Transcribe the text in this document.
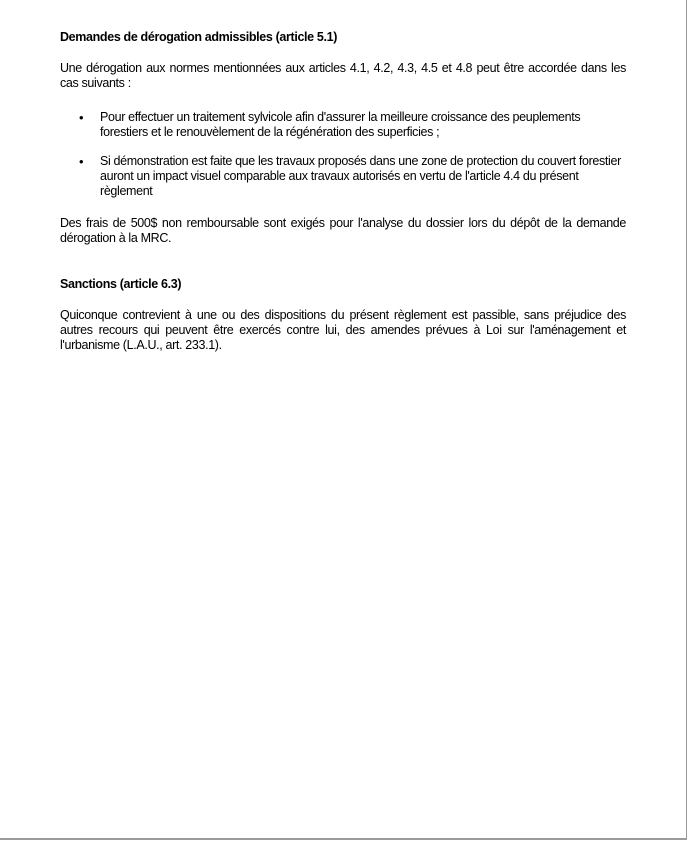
Demandes de dérogation admissibles (article 5.1)

Une dérogation aux normes mentionnées aux articles 4.1, 4.2, 4.3, 4.5 et 4.8 peut être accordée dans les cas suivants :

• Pour effectuer un traitement sylvicole afin d'assurer la meilleure croissance des peuplements forestiers et le renouvèlement de la régénération des superficies ;
• Si démonstration est faite que les travaux proposés dans une zone de protection du couvert forestier auront un impact visuel comparable aux travaux autorisés en vertu de l'article 4.4 du présent règlement

Des frais de 500$ non remboursable sont exigés pour l'analyse du dossier lors du dépôt de la demande dérogation à la MRC.

Sanctions (article 6.3)

Quiconque contrevient à une ou des dispositions du présent règlement est passible, sans préjudice des autres recours qui peuvent être exercés contre lui, des amendes prévues à Loi sur l'aménagement et l'urbanisme (L.A.U., art. 233.1).
